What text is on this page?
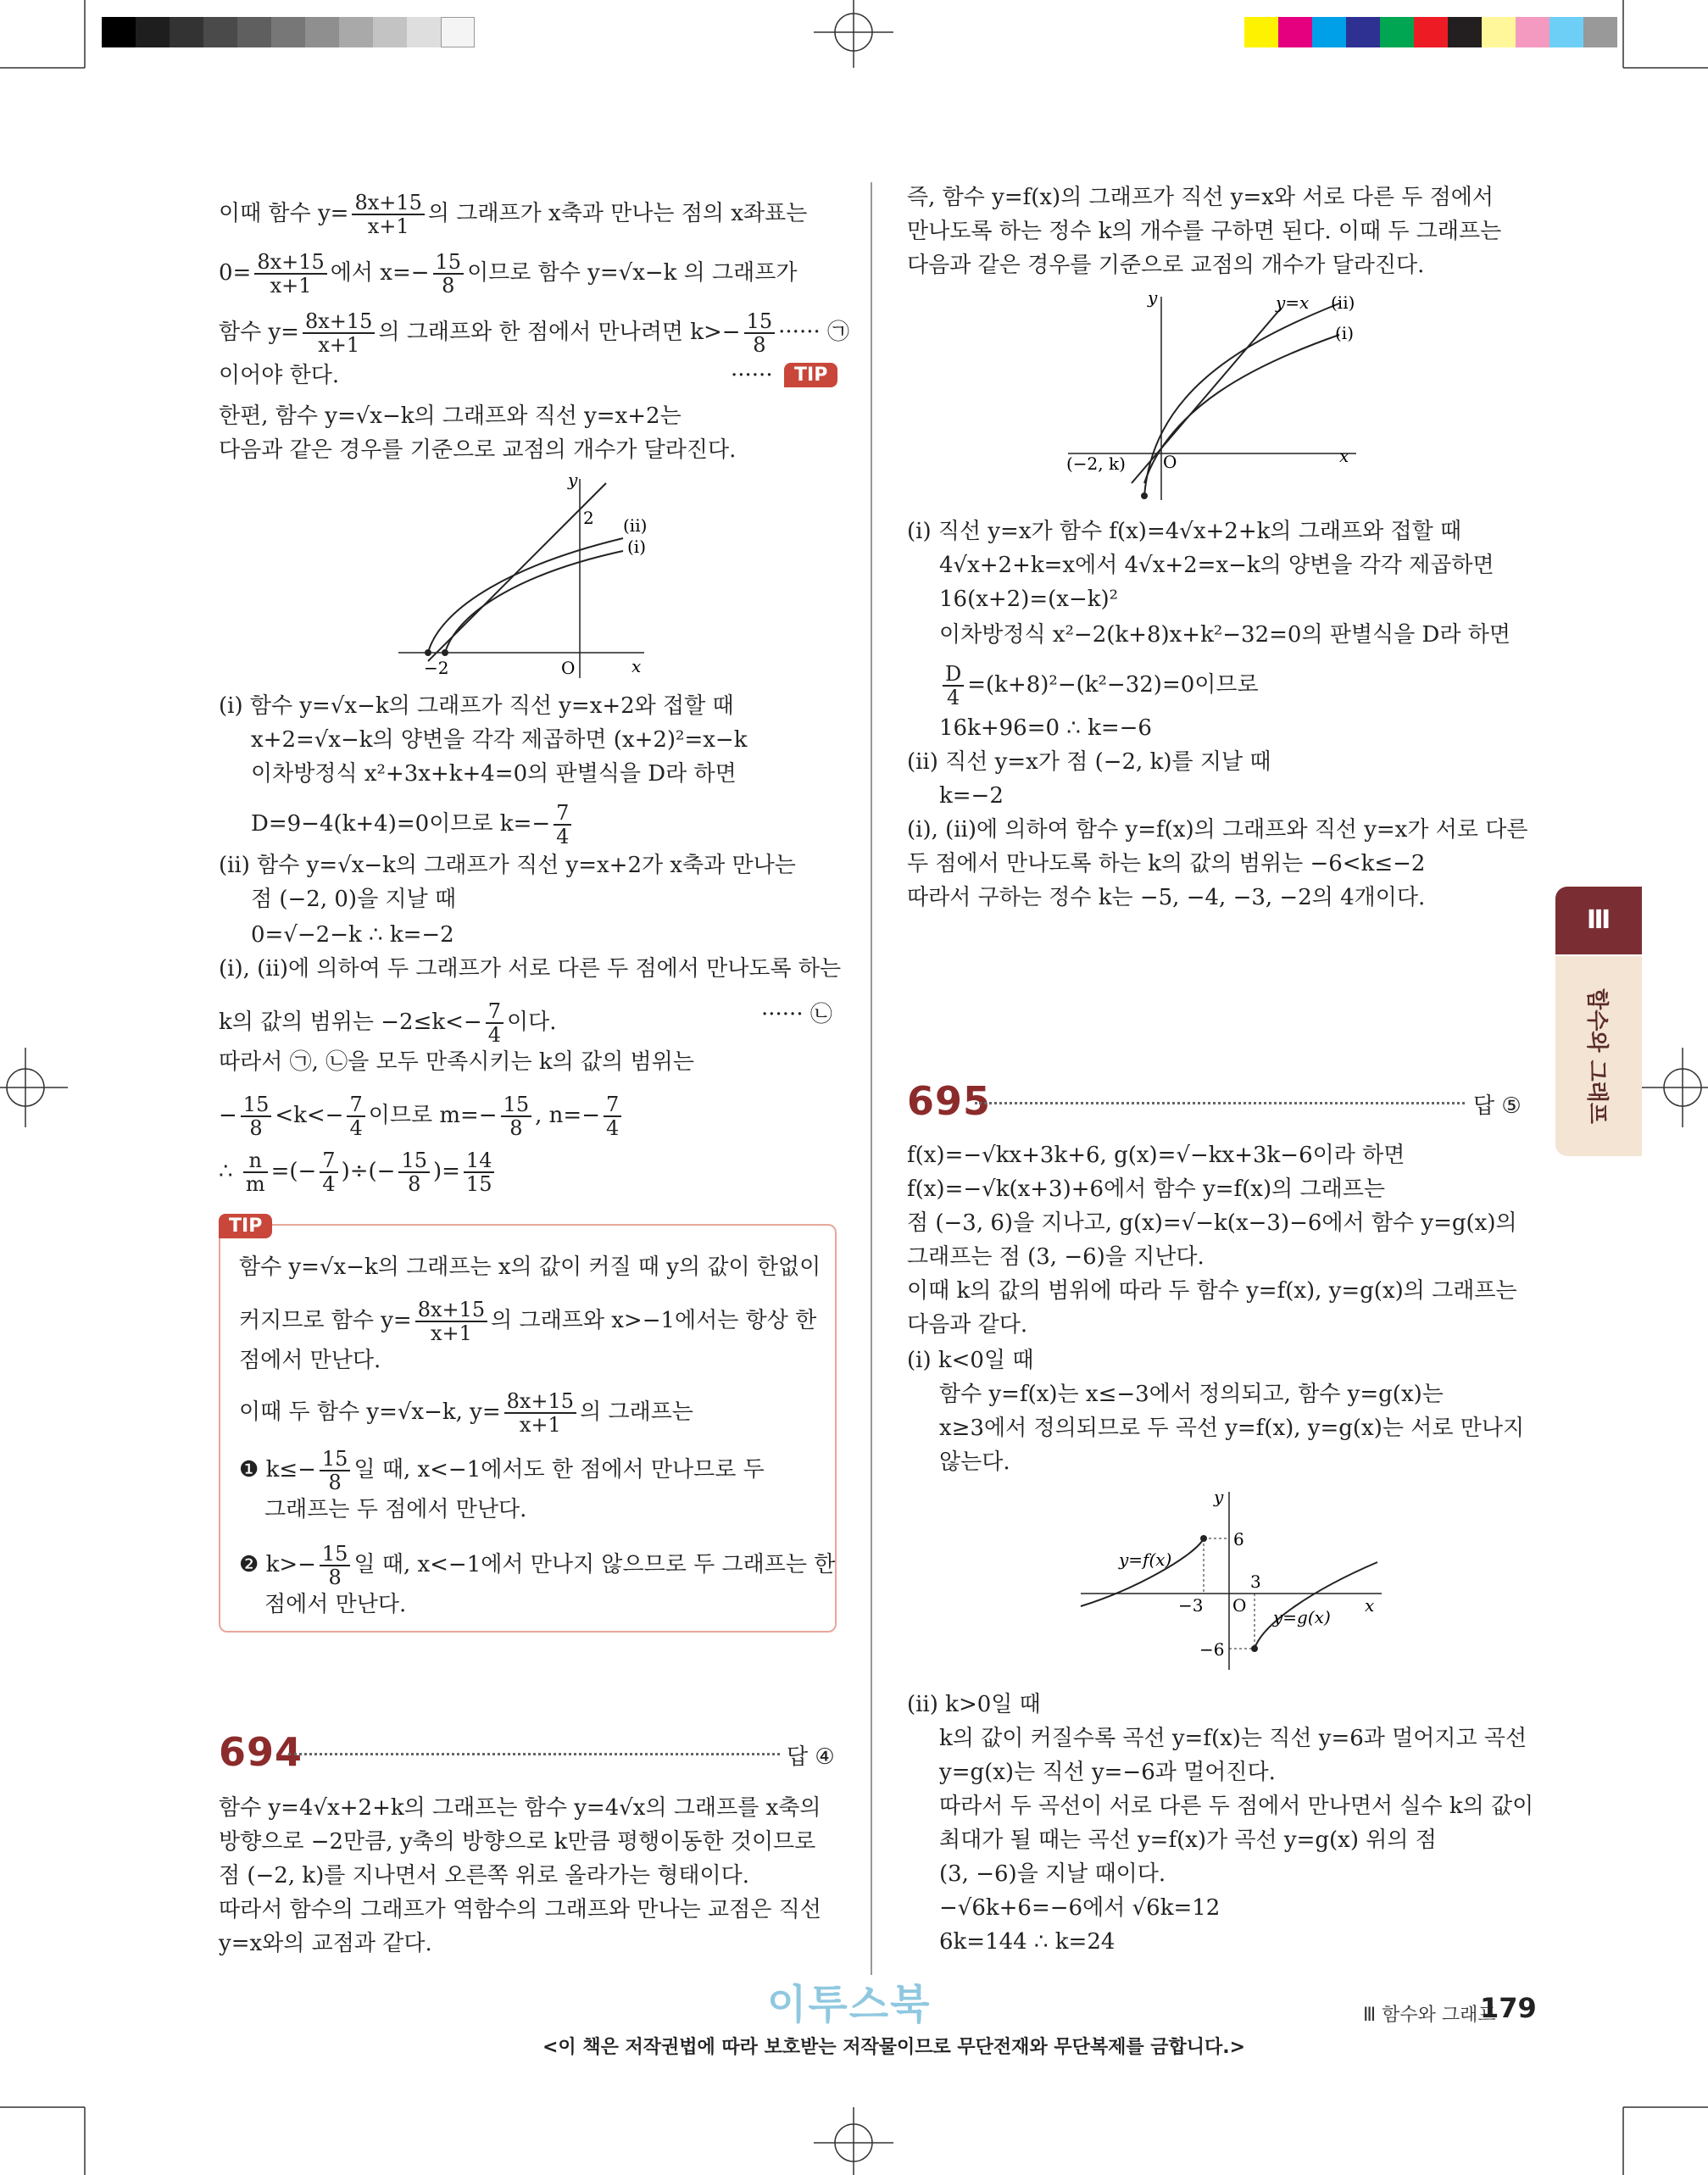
이때 함수 $y= \frac{8x+15}{x+1}$ 의 그래프가 x축과 만나는 점의 x좌표는
$0= \frac{8x+15}{x+1}$ 에서 $x=- \frac{15}{8}$ 이므로 함수 y=√x−k 의 그래프가
함수 $y= \frac{8x+15}{x+1}$ 의 그래프와 한 점에서 만나려면 $k>- \frac{15}{8}$ ······ ㉠
이어야 한다.	······	TIP
한편, 함수 y=√x−k의 그래프와 직선 y=x+2는
다음과 같은 경우를 기준으로 교점의 개수가 달라진다.
y
x
O
2
−2
(ii)
(i)
(ⅰ) 함수 y=√x−k의 그래프가 직선 y=x+2와 접할 때
x+2=√x−k의 양변을 각각 제곱하면 (x+2)²=x−k
이차방정식 x²+3x+k+4=0의 판별식을 D라 하면
D=9−4(k+4)=0이므로 $k=- \frac{7}{4}$
(ⅱ) 함수 y=√x−k의 그래프가 직선 y=x+2가 x축과 만나는
점 (−2, 0)을 지날 때
0=√−2−k ∴ k=−2
(ⅰ), (ⅱ)에 의하여 두 그래프가 서로 다른 두 점에서 만나도록 하는
k의 값의 범위는 $-2\le k<- \frac{7}{4}$ 이다.	······ ㉡
따라서 ㉠, ㉡을 모두 만족시키는 k의 값의 범위는
− $\frac{15}{8} <k<- \frac{7}{4}$ 이므로 $m=- \frac{15}{8}$ , $n=- \frac{7}{4}$
∴ $\frac{n}{m}$ =(− $\frac{7}{4}$ )÷(− $\frac{15}{8}$ )= $\frac{14}{15}$
TIP
함수 y=√x−k의 그래프는 x의 값이 커질 때 y의 값이 한없이
커지므로 함수 $y= \frac{8x+15}{x+1}$ 의 그래프와 x>−1에서는 항상 한
점에서 만난다.
이때 두 함수 y=√x−k, $y= \frac{8x+15}{x+1}$ 의 그래프는
❶ $k\le- \frac{15}{8}$ 일 때, x<−1에서도 한 점에서 만나므로 두
그래프는 두 점에서 만난다.
❷ $k>- \frac{15}{8}$ 일 때, x<−1에서 만나지 않으므로 두 그래프는 한
점에서 만난다.
694	답 ④
함수 y=4√x+2+k의 그래프는 함수 y=4√x의 그래프를 x축의
방향으로 −2만큼, y축의 방향으로 k만큼 평행이동한 것이므로
점 (−2, k)를 지나면서 오른쪽 위로 올라가는 형태이다.
따라서 함수의 그래프가 역함수의 그래프와 만나는 교점은 직선
y=x와의 교점과 같다.
즉, 함수 y=f(x)의 그래프가 직선 y=x와 서로 다른 두 점에서
만나도록 하는 정수 k의 개수를 구하면 된다. 이때 두 그래프는
다음과 같은 경우를 기준으로 교점의 개수가 달라진다.
y
x
O
y=x (ii)
(i)
(−2, k)
(ⅰ) 직선 y=x가 함수 f(x)=4√x+2+k의 그래프와 접할 때
4√x+2+k=x에서 4√x+2=x−k의 양변을 각각 제곱하면
16(x+2)=(x−k)²
이차방정식 x²−2(k+8)x+k²−32=0의 판별식을 D라 하면
$\frac{D}{4} =(k+8)^2-(k^2-32)=0$이므로
16k+96=0 ∴ k=−6
(ⅱ) 직선 y=x가 점 (−2, k)를 지날 때
k=−2
(ⅰ), (ⅱ)에 의하여 함수 y=f(x)의 그래프와 직선 y=x가 서로 다른
두 점에서 만나도록 하는 k의 값의 범위는 −6<k≤−2
따라서 구하는 정수 k는 −5, −4, −3, −2의 4개이다.
695	답 ⑤
f(x)=−√kx+3k+6, g(x)=√−kx+3k−6이라 하면
f(x)=−√k(x+3)+6에서 함수 y=f(x)의 그래프는
점 (−3, 6)을 지나고, g(x)=√−k(x−3)−6에서 함수 y=g(x)의
그래프는 점 (3, −6)을 지난다.
이때 k의 값의 범위에 따라 두 함수 y=f(x), y=g(x)의 그래프는
다음과 같다.
(ⅰ) k<0일 때
함수 y=f(x)는 x≤−3에서 정의되고, 함수 y=g(x)는
x≥3에서 정의되므로 두 곡선 y=f(x), y=g(x)는 서로 만나지
않는다.
y
x
O
6
−6
3
−3
y=f(x)
y=g(x)
(ⅱ) k>0일 때
k의 값이 커질수록 곡선 y=f(x)는 직선 y=6과 멀어지고 곡선
y=g(x)는 직선 y=−6과 멀어진다.
따라서 두 곡선이 서로 다른 두 점에서 만나면서 실수 k의 값이
최대가 될 때는 곡선 y=f(x)가 곡선 y=g(x) 위의 점
(3, −6)을 지날 때이다.
−√6k+6=−6에서 √6k=12
6k=144 ∴ k=24
Ⅲ
함수와 그래프
이투스북	Ⅲ 함수와 그래프
179
<이 책은 저작권법에 따라 보호받는 저작물이므로 무단전재와 무단복제를 금합니다.>
